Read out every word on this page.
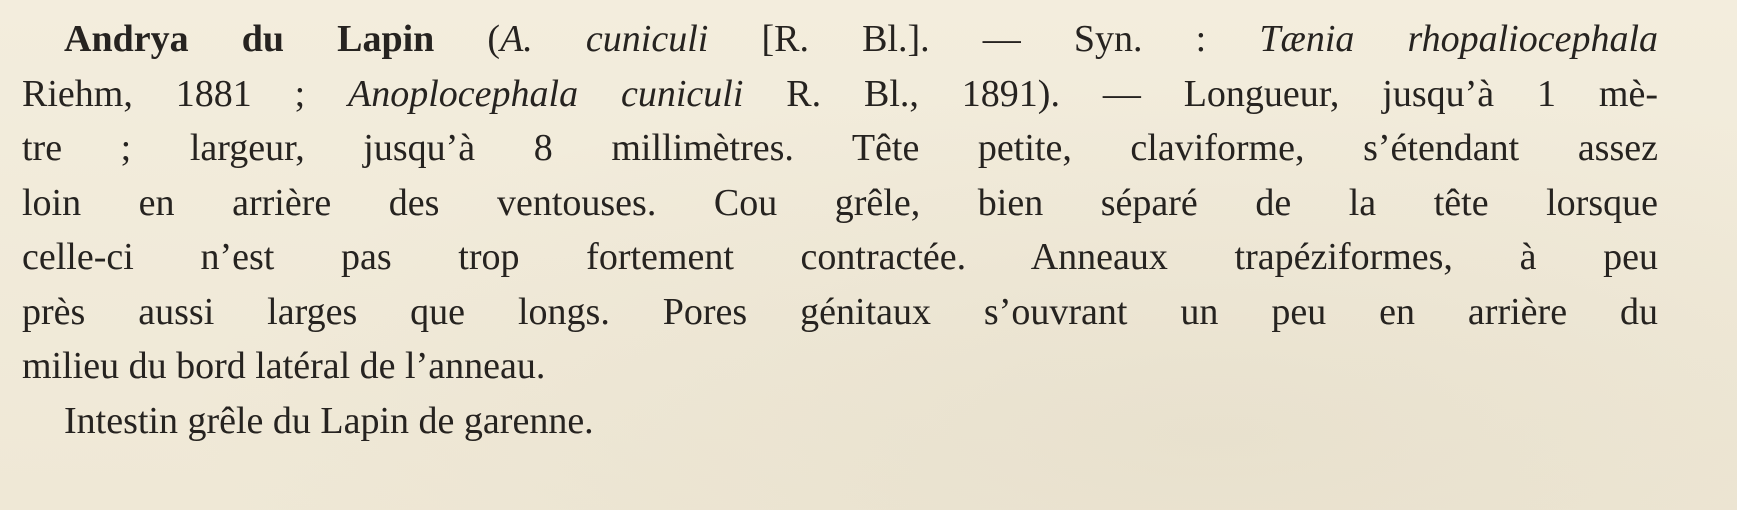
Andrya du Lapin (A. cuniculi [R. Bl.]. — Syn. : Tænia rhopaliocephala
Riehm, 1881 ; Anoplocephala cuniculi R. Bl., 1891). — Longueur, jusqu’à 1 mè-
tre ; largeur, jusqu’à 8 millimètres. Tête petite, claviforme, s’étendant assez
loin en arrière des ventouses. Cou grêle, bien séparé de la tête lorsque
celle-ci n’est pas trop fortement contractée. Anneaux trapéziformes, à peu
près aussi larges que longs. Pores génitaux s’ouvrant un peu en arrière du
milieu du bord latéral de l’anneau.
Intestin grêle du Lapin de garenne.
